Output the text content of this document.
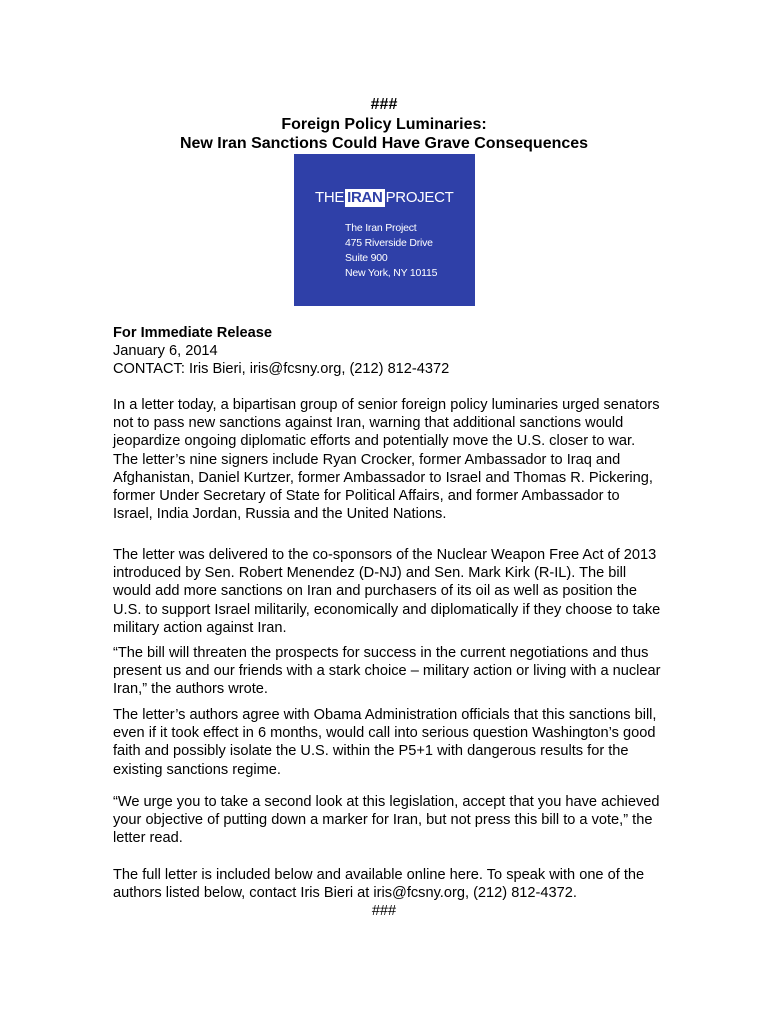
###
Foreign Policy Luminaries:
New Iran Sanctions Could Have Grave Consequences
THE IRAN PROJECT
The Iran Project
475 Riverside Drive
Suite 900
New York, NY 10115

For Immediate Release

January 6, 2014

CONTACT: Iris Bieri, iris@fcsny.org, (212) 812-4372

In a letter today, a bipartisan group of senior foreign policy luminaries urged senators not to pass new sanctions against Iran, warning that additional sanctions would jeopardize ongoing diplomatic efforts and potentially move the U.S. closer to war. The letter’s nine signers include Ryan Crocker, former Ambassador to Iraq and Afghanistan, Daniel Kurtzer, former Ambassador to Israel and Thomas R. Pickering, former Under Secretary of State for Political Affairs, and former Ambassador to Israel, India Jordan, Russia and the United Nations.

The letter was delivered to the co-sponsors of the Nuclear Weapon Free Act of 2013 introduced by Sen. Robert Menendez (D-NJ) and Sen. Mark Kirk (R-IL). The bill would add more sanctions on Iran and purchasers of its oil as well as position the U.S. to support Israel militarily, economically and diplomatically if they choose to take military action against Iran.

“The bill will threaten the prospects for success in the current negotiations and thus present us and our friends with a stark choice – military action or living with a nuclear Iran,” the authors wrote.

The letter’s authors agree with Obama Administration officials that this sanctions bill, even if it took effect in 6 months, would call into serious question Washington’s good faith and possibly isolate the U.S. within the P5+1 with dangerous results for the existing sanctions regime.

“We urge you to take a second look at this legislation, accept that you have achieved your objective of putting down a marker for Iran, but not press this bill to a vote,” the letter read.

The full letter is included below and available online here. To speak with one of the authors listed below, contact Iris Bieri at iris@fcsny.org, (212) 812-4372.

###
